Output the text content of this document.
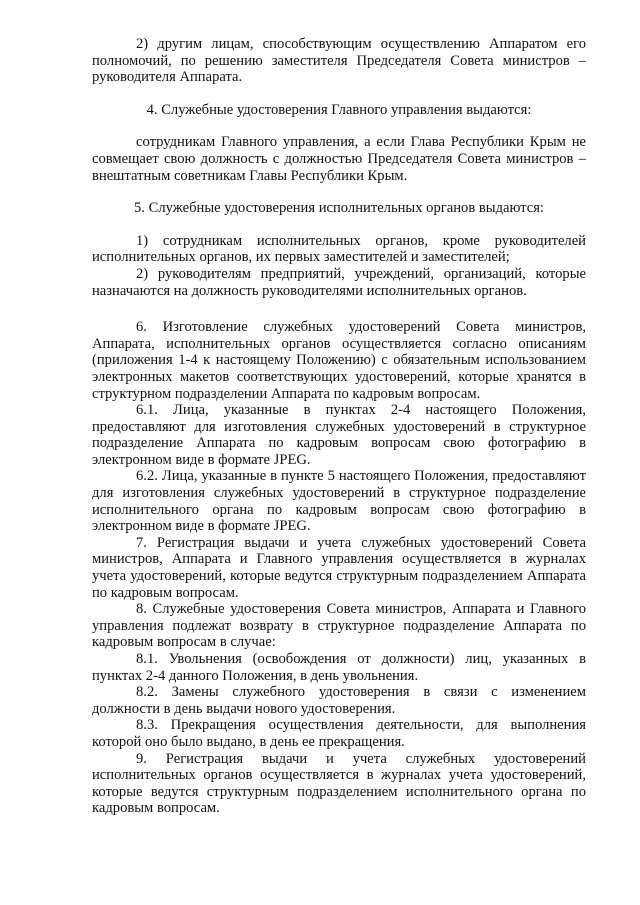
2) другим лицам, способствующим осуществлению Аппаратом его полномочий, по решению заместителя Председателя Совета министров – руководителя Аппарата.

4. Служебные удостоверения Главного управления выдаются:

сотрудникам Главного управления, а если Глава Республики Крым не совмещает свою должность с должностью Председателя Совета министров – внештатным советникам Главы Республики Крым.

5. Служебные удостоверения исполнительных органов выдаются:

1) сотрудникам исполнительных органов, кроме руководителей исполнительных органов, их первых заместителей и заместителей;

2) руководителям предприятий, учреждений, организаций, которые назначаются на должность руководителями исполнительных органов.

6. Изготовление служебных удостоверений Совета министров, Аппарата, исполнительных органов осуществляется согласно описаниям (приложения 1-4 к настоящему Положению) с обязательным использованием электронных макетов соответствующих удостоверений, которые хранятся в структурном подразделении Аппарата по кадровым вопросам.

6.1. Лица, указанные в пунктах 2-4 настоящего Положения, предоставляют для изготовления служебных удостоверений в структурное подразделение Аппарата по кадровым вопросам свою фотографию в электронном виде в формате JPEG.

6.2. Лица, указанные в пункте 5 настоящего Положения, предоставляют для изготовления служебных удостоверений в структурное подразделение исполнительного органа по кадровым вопросам свою фотографию в электронном виде в формате JPEG.

7. Регистрация выдачи и учета служебных удостоверений Совета министров, Аппарата и Главного управления осуществляется в журналах учета удостоверений, которые ведутся структурным подразделением Аппарата по кадровым вопросам.

8. Служебные удостоверения Совета министров, Аппарата и Главного управления подлежат возврату в структурное подразделение Аппарата по кадровым вопросам в случае:

8.1. Увольнения (освобождения от должности) лиц, указанных в пунктах 2-4 данного Положения, в день увольнения.

8.2. Замены служебного удостоверения в связи с изменением должности в день выдачи нового удостоверения.

8.3. Прекращения осуществления деятельности, для выполнения которой оно было выдано, в день ее прекращения.

9. Регистрация выдачи и учета служебных удостоверений исполнительных органов осуществляется в журналах учета удостоверений, которые ведутся структурным подразделением исполнительного органа по кадровым вопросам.
